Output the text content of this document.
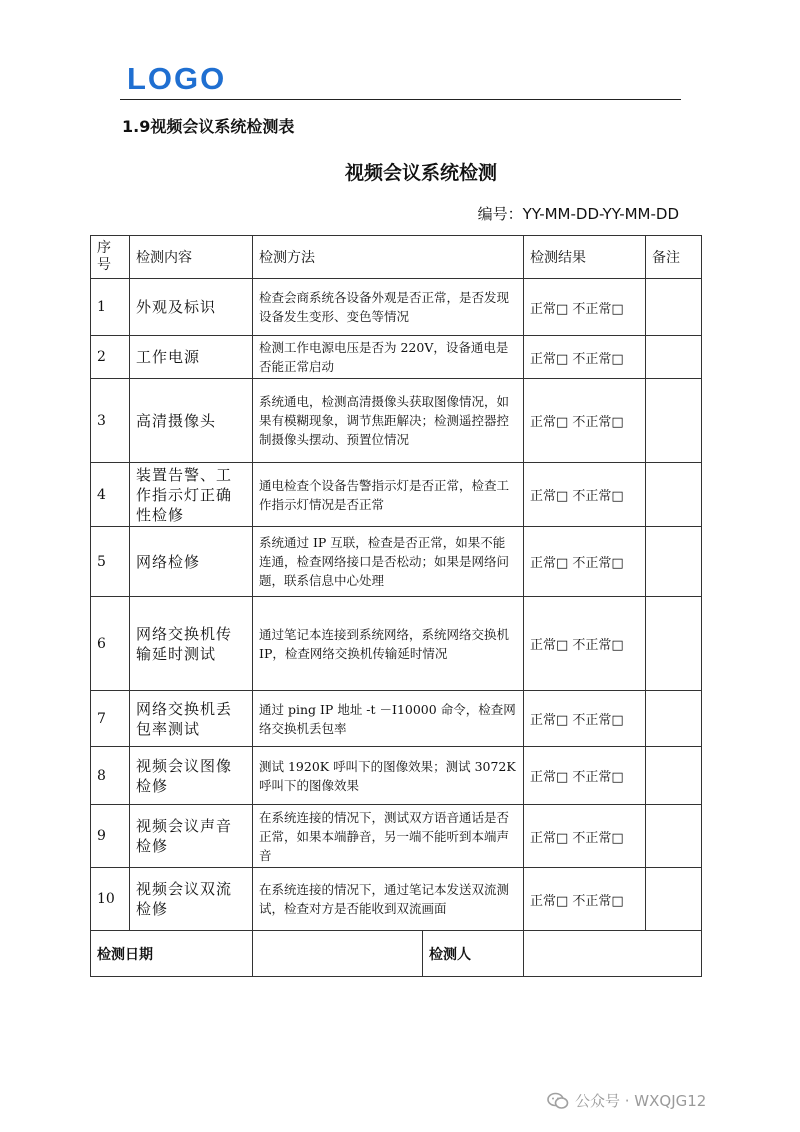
LOGO
1.9视频会议系统检测表
视频会议系统检测
编号：YY-MM-DD-YY-MM-DD
序号	检测内容	检测方法		检测结果	备注
1	外观及标识	检查会商系统各设备外观是否正常，是否发现设备发生变形、变色等情况		正常□ 不正常□	
2	工作电源	检测工作电源电压是否为 220V，设备通电是否能正常启动		正常□ 不正常□	
3	高清摄像头	系统通电，检测高清摄像头获取图像情况，如果有模糊现象，调节焦距解决；检测遥控器控制摄像头摆动、预置位情况		正常□ 不正常□	
4	装置告警、工作指示灯正确性检修	通电检查个设备告警指示灯是否正常，检查工作指示灯情况是否正常		正常□ 不正常□	
5	网络检修	系统通过 IP 互联，检查是否正常，如果不能连通，检查网络接口是否松动；如果是网络问题，联系信息中心处理		正常□ 不正常□	
6	网络交换机传输延时测试	通过笔记本连接到系统网络，系统网络交换机 IP，检查网络交换机传输延时情况		正常□ 不正常□	
7	网络交换机丢包率测试	通过 ping IP 地址 -t －I10000 命令，检查网络交换机丢包率		正常□ 不正常□	
8	视频会议图像检修	测试 1920K 呼叫下的图像效果；测试 3072K 呼叫下的图像效果		正常□ 不正常□	
9	视频会议声音检修	在系统连接的情况下，测试双方语音通话是否正常，如果本端静音，另一端不能听到本端声音		正常□ 不正常□	
10	视频会议双流检修	在系统连接的情况下，通过笔记本发送双流测试，检查对方是否能收到双流画面		正常□ 不正常□	
检测日期			检测人		
公众号 · WXQJG12
